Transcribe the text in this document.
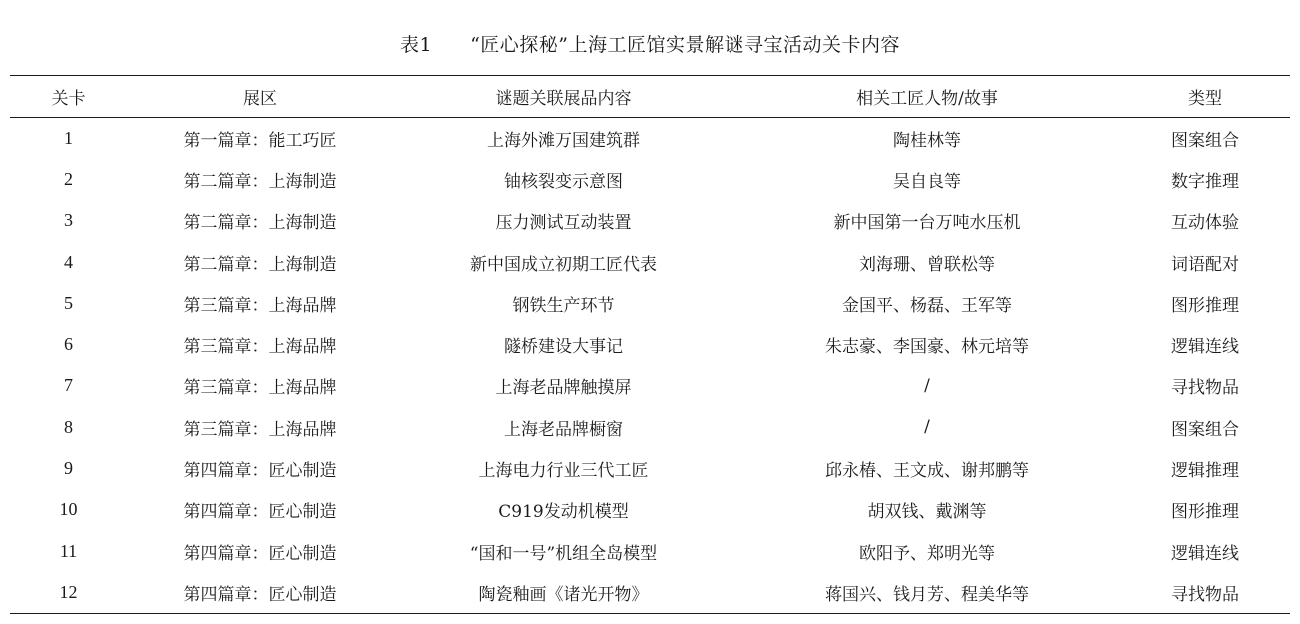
表1 “匠心探秘”上海工匠馆实景解谜寻宝活动关卡内容
关卡	展区	谜题关联展品内容	相关工匠人物/故事	类型
1	第一篇章：能工巧匠	上海外滩万国建筑群	陶桂林等	图案组合
2	第二篇章：上海制造	铀核裂变示意图	吴自良等	数字推理
3	第二篇章：上海制造	压力测试互动装置	新中国第一台万吨水压机	互动体验
4	第二篇章：上海制造	新中国成立初期工匠代表	刘海珊、曾联松等	词语配对
5	第三篇章：上海品牌	钢铁生产环节	金国平、杨磊、王军等	图形推理
6	第三篇章：上海品牌	隧桥建设大事记	朱志豪、李国豪、林元培等	逻辑连线
7	第三篇章：上海品牌	上海老品牌触摸屏	/	寻找物品
8	第三篇章：上海品牌	上海老品牌橱窗	/	图案组合
9	第四篇章：匠心制造	上海电力行业三代工匠	邱永椿、王文成、谢邦鹏等	逻辑推理
10	第四篇章：匠心制造	C919发动机模型	胡双钱、戴渊等	图形推理
11	第四篇章：匠心制造	“国和一号”机组全岛模型	欧阳予、郑明光等	逻辑连线
12	第四篇章：匠心制造	陶瓷釉画《诸光开物》	蒋国兴、钱月芳、程美华等	寻找物品
